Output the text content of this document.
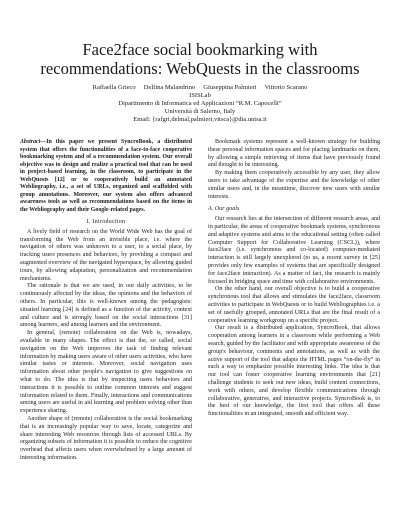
Face2face social bookmarking with
recommendations: WebQuests in the classrooms
Raffaella Grieco     Delfina Malandrino     Giuseppina Palmieri     Vittorio Scarano
ISISLab
Dipartimento di Informatica ed Applicazioni “R.M. Capocelli”
Università di Salerno, Italy
Email: {rafgri,delmal,palmieri,vitsca}@dia.unisa.it

Abstract—In this paper we present SyncroBook, a distributed system that offers the functionalities of a face-to-face cooperative bookmarking system and of a recommendation system. Our overall objective was to design and realize a practical tool that can be used in project-based learning, in the classroom, to participate in the WebQuests [12] or to cooperatively build an annotated Webliography, i.e., a set of URLs, organized and scaffolded with group annotations. Moreover, our system also offers advanced awareness tools as well as recommendations based on the items in the Webliography and their Google-related pages.

I. Introduction

A lively field of research on the World Wide Web has the goal of transforming the Web from an invisible place, i.e. where the navigation of others was unknown to a user, to a social place, by tracking users presences and behaviors, by providing a compact and augmented overview of the navigated hyperspace, by allowing guided tours, by allowing adaptation, personalization and recommendation mechanisms.

The rationale is that we are used, in our daily activities, to be continuously affected by the ideas, the opinions and the behaviors of others. In particular, this is well-known among the pedagogists: situated learning [24] is defined as a function of the activity, context and culture and is strongly based on the social interactions [31] among learners, and among learners and the environment.

In general, (remote) collaboration on the Web is, nowadays, available in many shapes. The effect is that the, so called, social navigation on the Web improves the task of finding relevant information by making users aware of other users activities, who have similar tastes or interests. Moreover, social navigation uses information about other people's navigation to give suggestions on what to do. The idea is that by inspecting users behaviors and interactions it is possible to outline common interests and suggest information related to them. Finally, interactions and communications among users are useful in aid learning and problem solving other than experience sharing.

Another shape of (remote) collaboration is the social bookmarking that is an increasingly popular way to save, locate, categorize and share interesting Web resources through lists of accessed URLs. By organizing subsets of information it is possible to reduce the cognitive overhead that affects users when overwhelmed by a large amount of interesting information.

Bookmark systems represent a well-known strategy for building these personal information spaces and for placing landmarks on them, by allowing a simple retrieving of items that have previously found and thought to be interesting.

By making them cooperatively accessible by any user, they allow users to take advantage of the expertise and the knowledge of other similar users and, in the meantime, discover new users with similar interests.

A. Our goals

Our research lies at the intersection of different research areas, and in particular, the areas of cooperative bookmark systems, synchronous and adaptive systems and aims to the educational setting (often called Computer Support for Collaborative Learning (CSCL)), where face2face (i.e. synchronous and co-located) computer-mediated interaction is still largely unexplored (to us, a recent survey in [25] provides only few examples of systems that are specifically designed for face2face interaction). As a matter of fact, the research is mainly focused in bridging space and time with collaborative environments.

On the other hand, our overall objective is to build a cooperative synchronous tool that allows and stimulates the face2face, classroom activities to participate in WebQuests or to build Webliographies i.e. a set of usefully grouped, annotated URLs that are the final result of a cooperative learning workgroup on a specific project.

Our result is a distributed application, SyncroBook, that allows cooperation among learners in a classroom while performing a Web search, guided by the facilitator and with appropriate awareness of the group's behaviour, comments and annotations, as well as with the active support of the tool that adapts the HTML pages “on-the-fly” in such a way to emphasize possible interesting links. The idea is that our tool can foster cooperative learning environments that [21] challenge students to seek out new ideas, build content connections, work with others, and develop flexible communications through collaborative, generative, and interactive projects. SyncroBook is, to the best of our knowledge, the first tool that offers all these functionalities in an integrated, smooth and efficient way.
